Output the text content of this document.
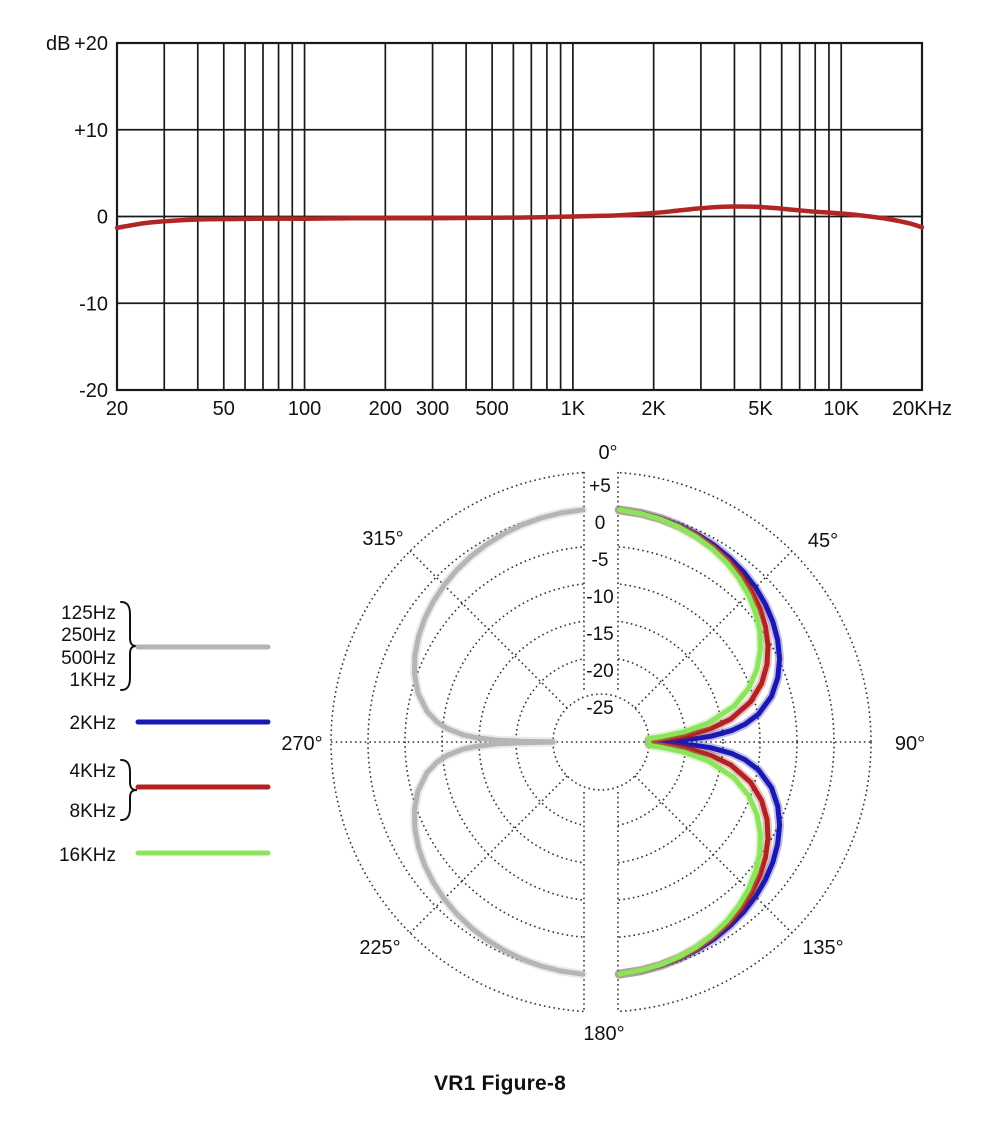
+20
+10
0
-10
-20
dB
20	50	100 200 300 500	1K	2K	5K	10K 20KHz
+5
0
-5
-10
-15
-20
-25
0°
45°
90°
135°
180°
225°
270°
315°
125Hz
250Hz
500Hz
1KHz
2KHz
4KHz
8KHz
16KHz
VR1 Figure-8
